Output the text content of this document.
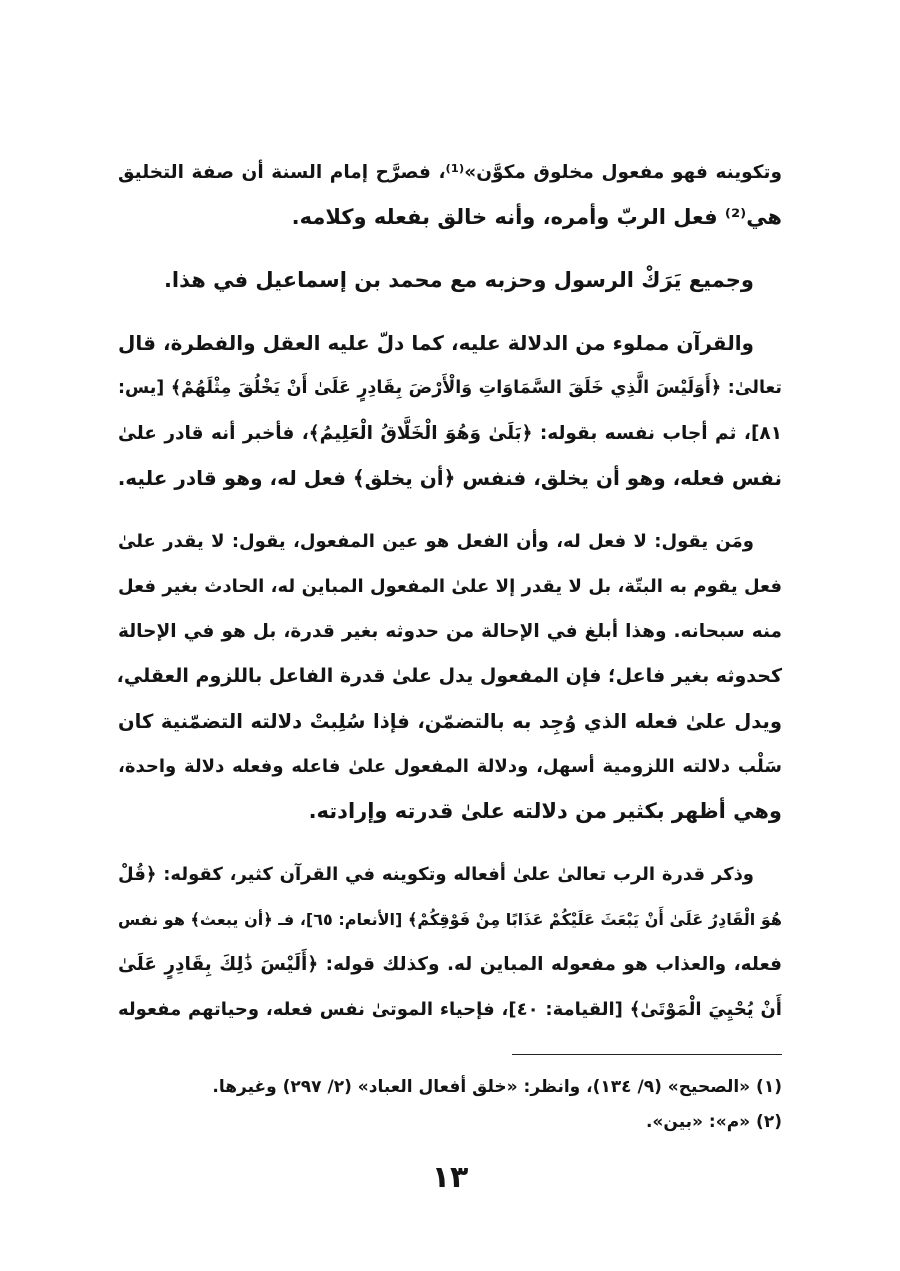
وتكوينه فهو مفعول مخلوق مكوَّن»⁽¹⁾، فصرَّح إمام السنة أن صفة التخليق
هي⁽²⁾ فعل الربّ وأمره، وأنه خالق بفعله وكلامه.
وجميع يَرَكْ الرسول وحزبه مع محمد بن إسماعيل في هذا.
والقرآن مملوء من الدلالة عليه، كما دلّ عليه العقل والفطرة، قال
تعالىٰ: ﴿أَوَلَيْسَ الَّذِي خَلَقَ السَّمَاوَاتِ وَالْأَرْضَ بِقَادِرٍ عَلَىٰ أَنْ يَخْلُقَ مِثْلَهُمْ﴾ [يس:
٨١]، ثم أجاب نفسه بقوله: ﴿بَلَىٰ وَهُوَ الْخَلَّاقُ الْعَلِيمُ﴾، فأخبر أنه قادر علىٰ
نفس فعله، وهو أن يخلق، فنفس ﴿أن يخلق﴾ فعل له، وهو قادر عليه.
ومَن يقول: لا فعل له، وأن الفعل هو عين المفعول، يقول: لا يقدر علىٰ
فعل يقوم به البتّة، بل لا يقدر إلا علىٰ المفعول المباين له، الحادث بغير فعل
منه سبحانه. وهذا أبلغ في الإحالة من حدوثه بغير قدرة، بل هو في الإحالة
كحدوثه بغير فاعل؛ فإن المفعول يدل علىٰ قدرة الفاعل باللزوم العقلي،
ويدل علىٰ فعله الذي وُجِد به بالتضمّن، فإذا سُلِبتْ دلالته التضمّنية كان
سَلْب دلالته اللزومية أسهل، ودلالة المفعول علىٰ فاعله وفعله دلالة واحدة،
وهي أظهر بكثير من دلالته علىٰ قدرته وإرادته.
وذكر قدرة الرب تعالىٰ علىٰ أفعاله وتكوينه في القرآن كثير، كقوله: ﴿قُلْ
هُوَ الْقَادِرُ عَلَىٰ أَنْ يَبْعَثَ عَلَيْكُمْ عَذَابًا مِنْ فَوْقِكُمْ﴾ [الأنعام: ٦٥]، فـ ﴿أن يبعث﴾ هو نفس
فعله، والعذاب هو مفعوله المباين له. وكذلك قوله: ﴿أَلَيْسَ ذَٰلِكَ بِقَادِرٍ عَلَىٰ
أَنْ يُحْيِيَ الْمَوْتَىٰ﴾ [القيامة: ٤٠]، فإحياء الموتىٰ نفس فعله، وحياتهم مفعوله
(١) «الصحيح» (٩/ ١٣٤)، وانظر: «خلق أفعال العباد» (٢/ ٢٩٧) وغيرها.
(٢) «م»: «بين».
١٣
